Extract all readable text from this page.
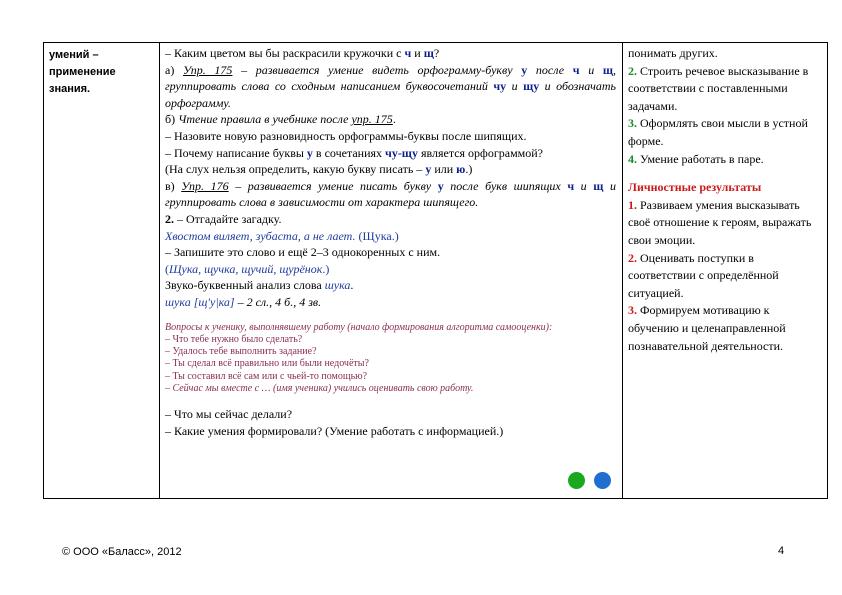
умений –
применение
знания.

– Каким цветом вы бы раскрасили кружочки с ч и щ?

а) Упр. 175 – развивается умение видеть орфограмму-букву у после ч и щ, группировать слова со сходным написанием буквосочетаний чу и щу и обозначать орфограмму.

б) Чтение правила в учебнике после упр. 175.

– Назовите новую разновидность орфограммы-буквы после шипящих.

– Почему написание буквы у в сочетаниях чу-щу является орфограммой?

(На слух нельзя определить, какую букву писать – у или ю.)

в) Упр. 176 – развивается умение писать букву у после букв шипящих ч и щ и группировать слова в зависимости от характера шипящего.

2. – Отгадайте загадку.

Хвостом виляет, зубаста, а не лает. (Щука.)

– Запишите это слово и ещё 2–3 однокоренных с ним.

(Щука, щучка, щучий, щурёнок.)

Звуко-буквенный анализ слова шука.

шука [щ'у|ка] – 2 сл., 4 б., 4 зв.

Вопросы к ученику, выполнявшему работу (начало формирования алгоритма самооценки):

– Что тебе нужно было сделать?

– Удалось тебе выполнить задание?

– Ты сделал всё правильно или были недочёты?

– Ты составил всё сам или с чьей-то помощью?

– Сейчас мы вместе с … (имя ученика) учились оценивать свою работу.

– Что мы сейчас делали?

– Какие умения формировали? (Умение работать с информацией.)

понимать других.

2. Строить речевое высказывание в соответствии с поставленными задачами.

3. Оформлять свои мысли в устной форме.

4. Умение работать в паре.

Личностные результаты

1. Развиваем умения высказывать своё отношение к героям, выражать свои эмоции.

2. Оценивать поступки в соответствии с определённой ситуацией.

3. Формируем мотивацию к обучению и целенаправленной познавательной деятельности.

© ООО «Баласс», 2012	4
